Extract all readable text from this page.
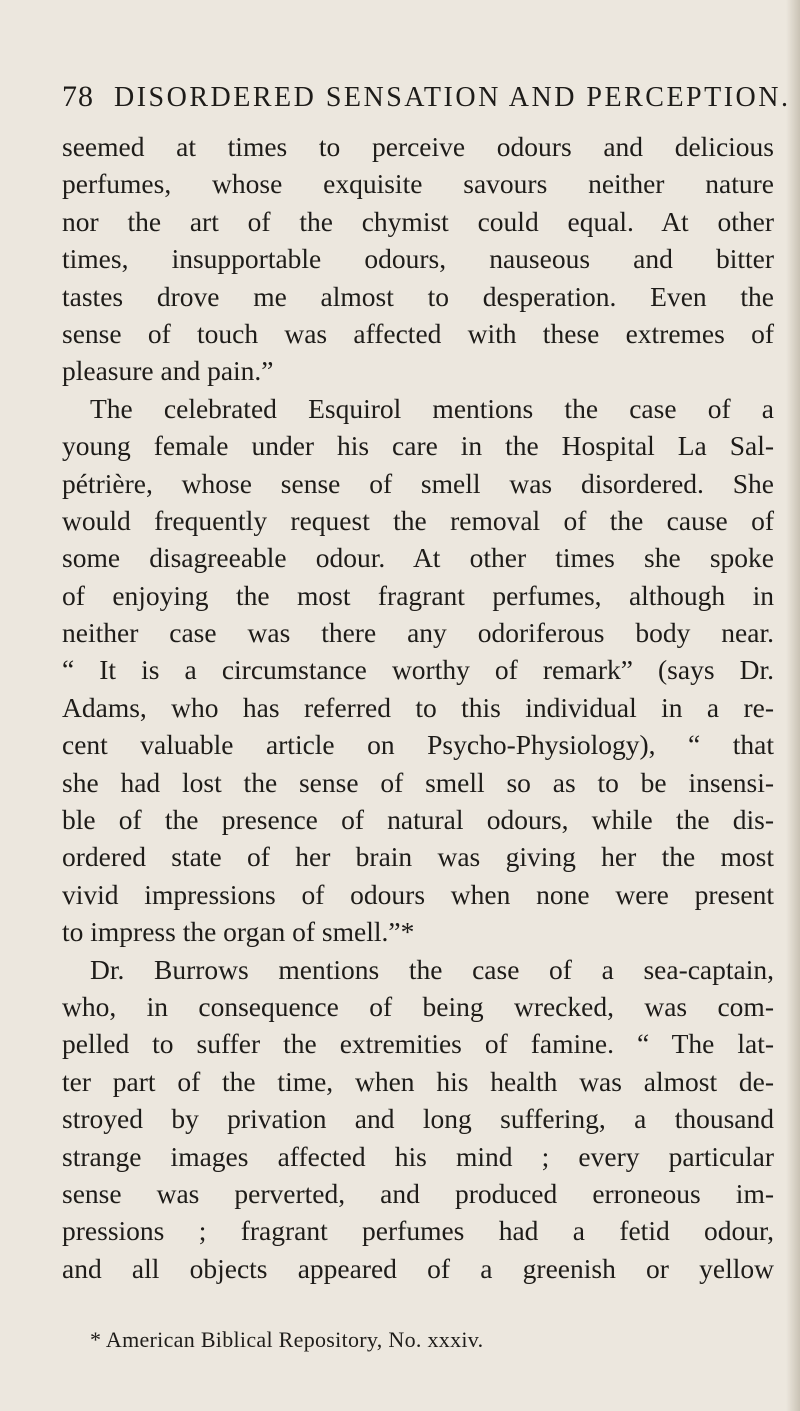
78 DISORDERED SENSATION AND PERCEPTION.
seemed at times to perceive odours and delicious
perfumes, whose exquisite savours neither nature
nor the art of the chymist could equal. At other
times, insupportable odours, nauseous and bitter
tastes drove me almost to desperation. Even the
sense of touch was affected with these extremes of
pleasure and pain.”
The celebrated Esquirol mentions the case of a
young female under his care in the Hospital La Sal-
pétrière, whose sense of smell was disordered. She
would frequently request the removal of the cause of
some disagreeable odour. At other times she spoke
of enjoying the most fragrant perfumes, although in
neither case was there any odoriferous body near.
“ It is a circumstance worthy of remark” (says Dr.
Adams, who has referred to this individual in a re-
cent valuable article on Psycho-Physiology), “ that
she had lost the sense of smell so as to be insensi-
ble of the presence of natural odours, while the dis-
ordered state of her brain was giving her the most
vivid impressions of odours when none were present
to impress the organ of smell.”*
Dr. Burrows mentions the case of a sea-captain,
who, in consequence of being wrecked, was com-
pelled to suffer the extremities of famine. “ The lat-
ter part of the time, when his health was almost de-
stroyed by privation and long suffering, a thousand
strange images affected his mind ; every particular
sense was perverted, and produced erroneous im-
pressions ; fragrant perfumes had a fetid odour,
and all objects appeared of a greenish or yellow
* American Biblical Repository, No. xxxiv.
